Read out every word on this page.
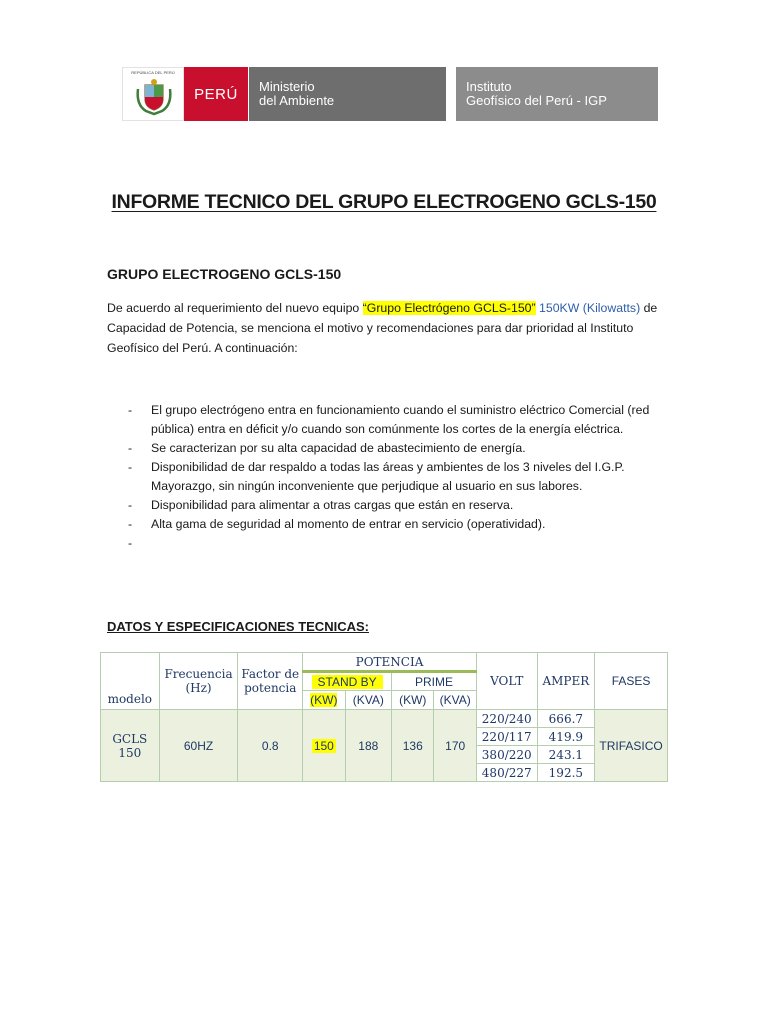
REPÚBLICA DEL PERÚ
PERÚ	Ministerio
del Ambiente
Instituto
Geofísico del Perú - IGP
INFORME TECNICO DEL GRUPO ELECTROGENO GCLS-150
GRUPO ELECTROGENO GCLS-150
De acuerdo al requerimiento del nuevo equipo “Grupo Electrógeno GCLS-150” 150KW (Kilowatts) de Capacidad de Potencia, se menciona el motivo y recomendaciones para dar prioridad al Instituto Geofísico del Perú. A continuación:
- El grupo electrógeno entra en funcionamiento cuando el suministro eléctrico Comercial (red pública) entra en déficit y/o cuando son comúnmente los cortes de la energía eléctrica.
- Se caracterizan por su alta capacidad de abastecimiento de energía.
- Disponibilidad de dar respaldo a todas las áreas y ambientes de los 3 niveles del I.G.P. Mayorazgo, sin ningún inconveniente que perjudique al usuario en sus labores.
- Disponibilidad para alimentar a otras cargas que están en reserva.
- Alta gama de seguridad al momento de entrar en servicio (operatividad).
-
DATOS Y ESPECIFICACIONES TECNICAS:
modelo	Frecuencia (Hz)	Factor de potencia	POTENCIA				VOLT	AMPER	FASES
			STAND BY		PRIME				
			(KW)	(KVA)	(KW)	(KVA)			
GCLS 150	60HZ	0.8	150	188	136	170	220/240	666.7	TRIFASICO
							220/117	419.9	
							380/220	243.1	
							480/227	192.5	
